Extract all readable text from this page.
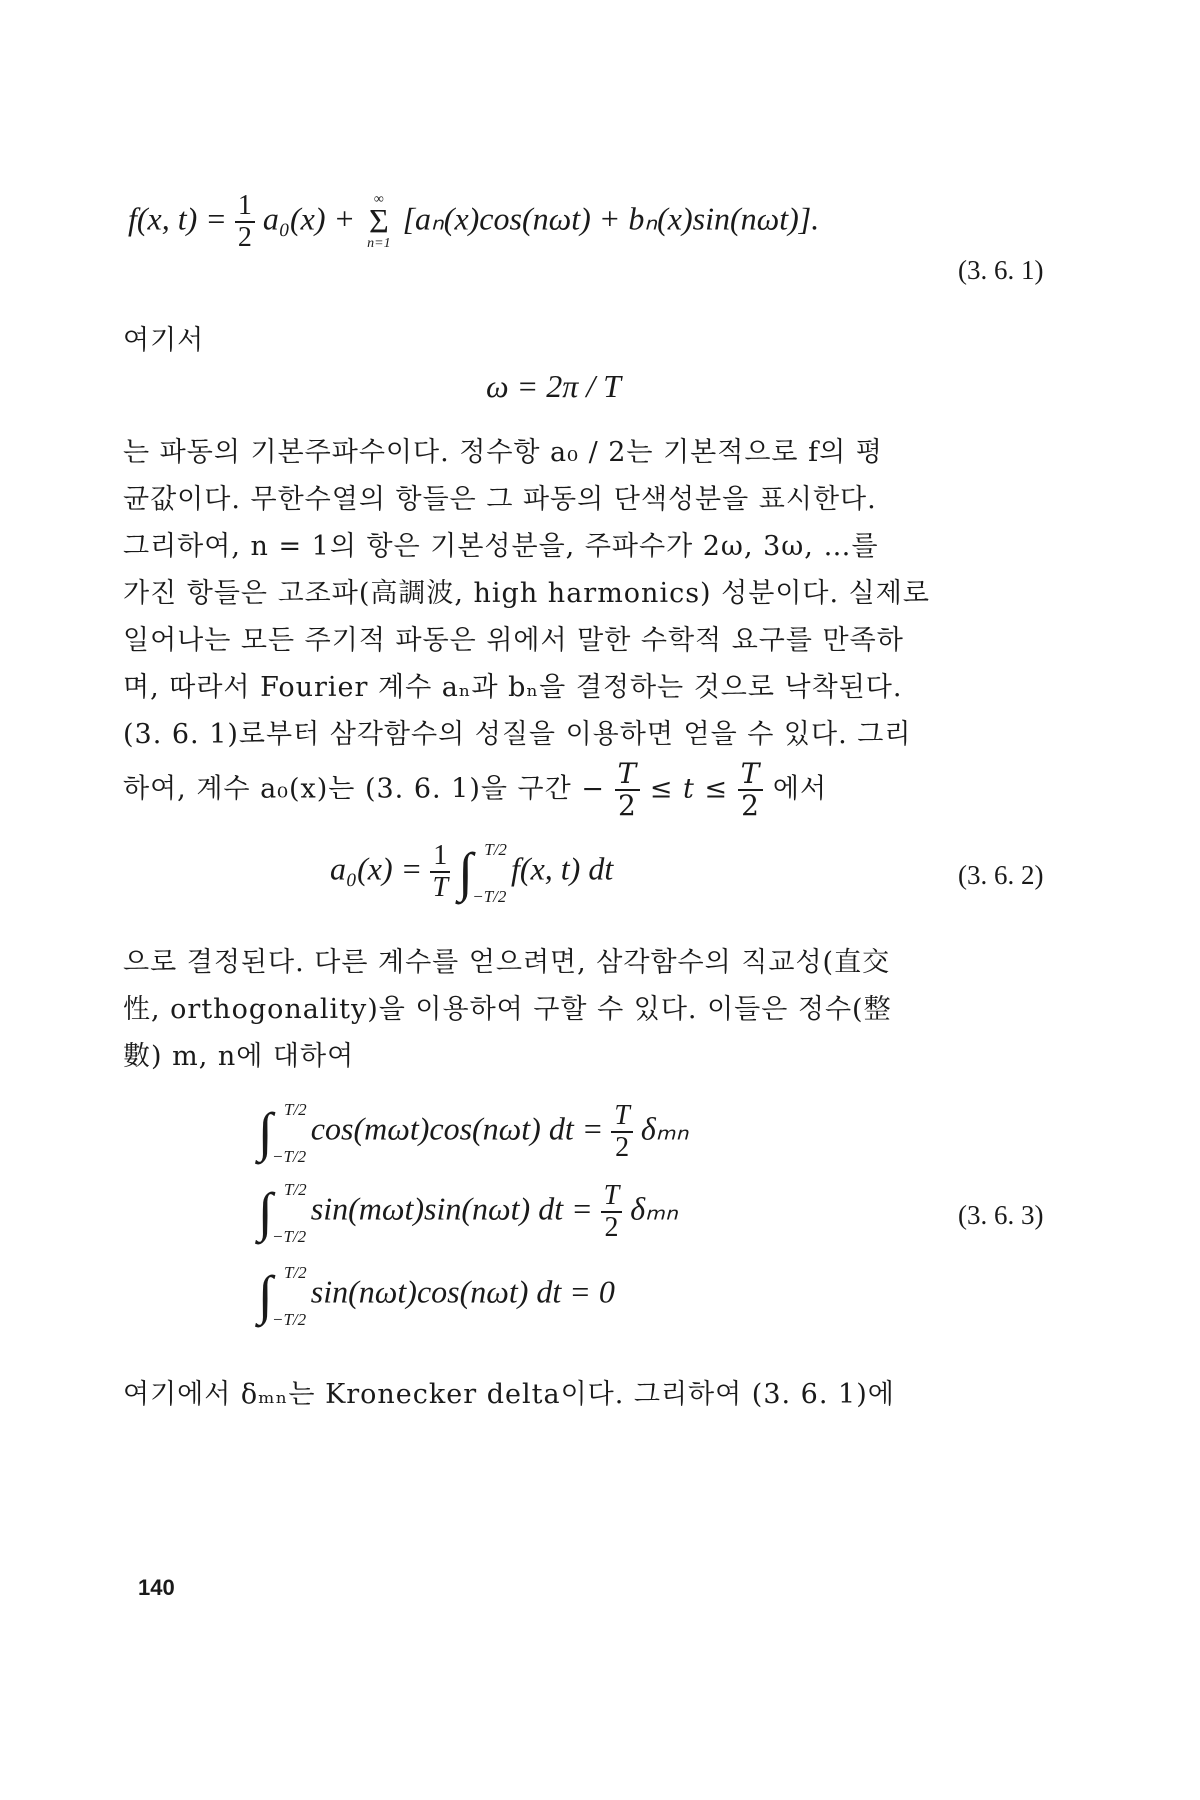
f(x, $t) = \frac{1}{2} a_0(x)$ +
∞
Σ
n=1
[aₙ(x)cos(nωt) + bₙ(x)sin(nωt)].
(3. 6. 1)
여기서
ω = 2π / T
는 파동의 기본주파수이다. 정수항 a₀ / 2는 기본적으로 f의 평
균값이다. 무한수열의 항들은 그 파동의 단색성분을 표시한다.
그리하여, n = 1의 항은 기본성분을, 주파수가 2ω, 3ω, …를
가진 항들은 고조파(高調波, high harmonics) 성분이다. 실제로
일어나는 모든 주기적 파동은 위에서 말한 수학적 요구를 만족하
며, 따라서 Fourier 계수 aₙ과 bₙ을 결정하는 것으로 낙착된다.
(3. 6. 1)로부터 삼각함수의 성질을 이용하면 얻을 수 있다. 그리
하여, 계수 a₀(x)는 (3. 6. 1)을 구간 − $\frac{T}{2} \le t \le \frac{T}{2}$ 에서
$a_0(x) = \frac{1}{T}$ ∫ T/2
−T/2
f(x, t) dt	(3. 6. 2)
으로 결정된다. 다른 계수를 얻으려면, 삼각함수의 직교성(直交
性, orthogonality)을 이용하여 구할 수 있다. 이들은 정수(整
數) m, n에 대하여
∫ T/2
−T/2
cos(mωt)cos(nωt) dt = $\frac{T}{2}$ δₘₙ
∫ T/2
−T/2
sin(mωt)sin(nωt) dt = $\frac{T}{2}$ δₘₙ	(3. 6. 3)
∫ T/2
−T/2
sin(nωt)cos(nωt) dt = 0
여기에서 δₘₙ는 Kronecker delta이다. 그리하여 (3. 6. 1)에
140
